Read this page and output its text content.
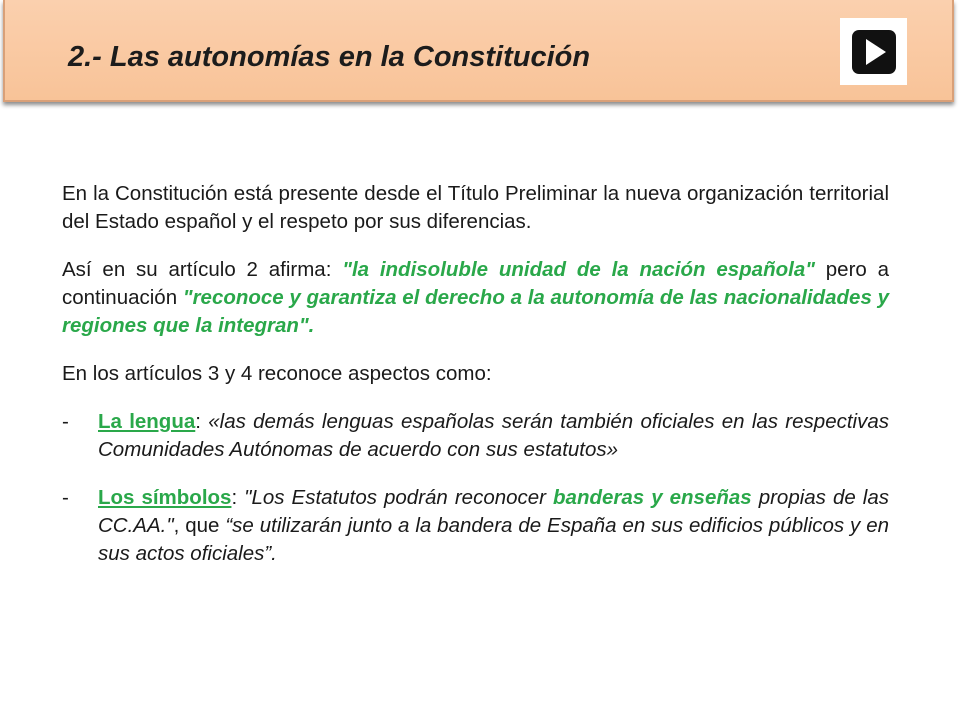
2.- Las autonomías en la Constitución

En la Constitución está presente desde el Título Preliminar la nueva organización territorial del Estado español y el respeto por sus diferencias.

Así en su artículo 2 afirma: "la indisoluble unidad de la nación española" pero a continuación "reconoce y garantiza el derecho a la autonomía de las nacionalidades y regiones que la integran".

En los artículos 3 y 4 reconoce aspectos como:

- La lengua: «las demás lenguas españolas serán también oficiales en las respectivas Comunidades Autónomas de acuerdo con sus estatutos»
- Los símbolos: "Los Estatutos podrán reconocer banderas y enseñas propias de las CC.AA.", que “se utilizarán junto a la bandera de España en sus edificios públicos y en sus actos oficiales”.
